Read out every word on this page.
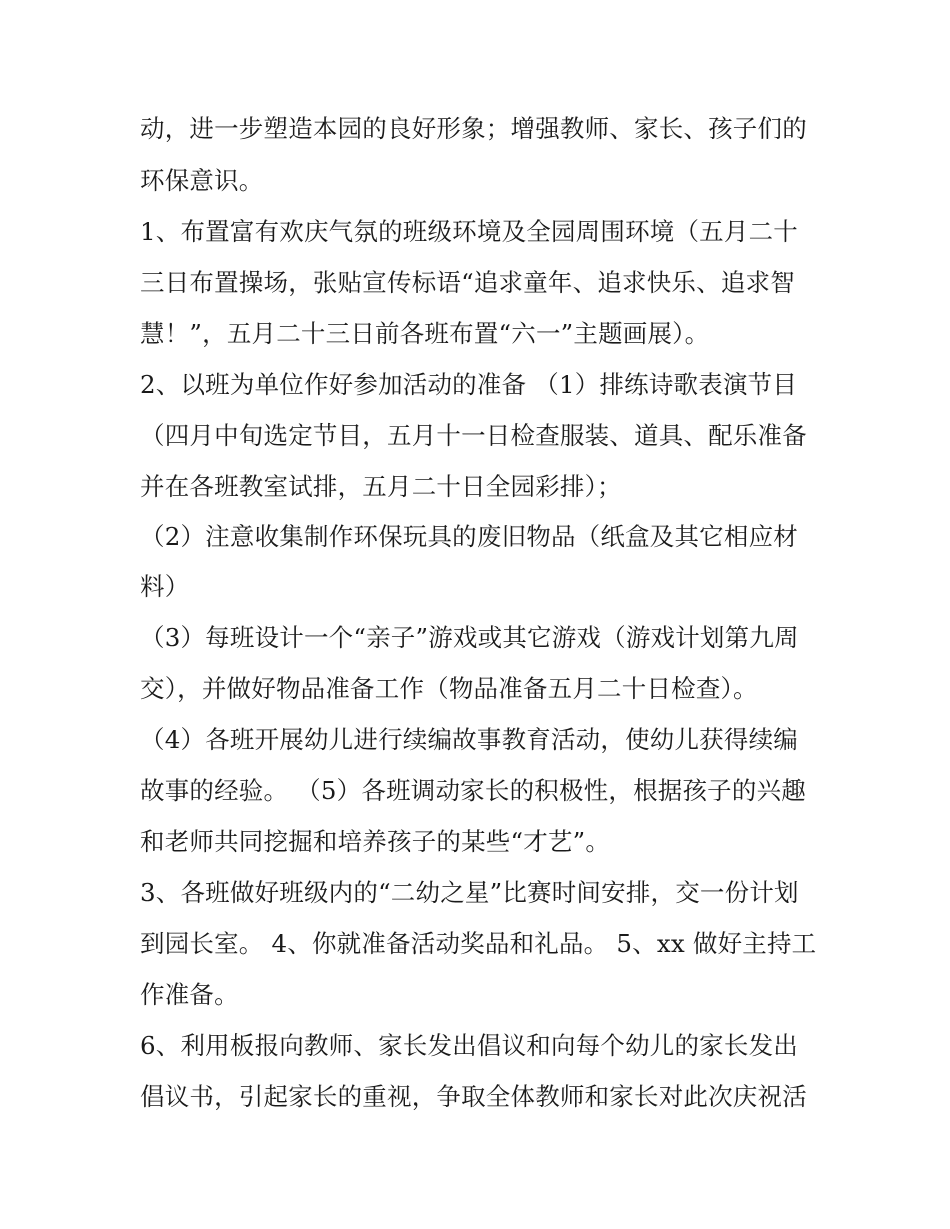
动，进一步塑造本园的良好形象；增强教师、家长、孩子们的
环保意识。
1、布置富有欢庆气氛的班级环境及全园周围环境（五月二十
三日布置操场，张贴宣传标语“追求童年、追求快乐、追求智
慧！”，五月二十三日前各班布置“六一”主题画展）。
2、以班为单位作好参加活动的准备 （1）排练诗歌表演节目
（四月中旬选定节目，五月十一日检查服装、道具、配乐准备
并在各班教室试排，五月二十日全园彩排）；
（2）注意收集制作环保玩具的废旧物品（纸盒及其它相应材
料）
（3）每班设计一个“亲子”游戏或其它游戏（游戏计划第九周
交），并做好物品准备工作（物品准备五月二十日检查）。
（4）各班开展幼儿进行续编故事教育活动，使幼儿获得续编
故事的经验。 （5）各班调动家长的积极性，根据孩子的兴趣
和老师共同挖掘和培养孩子的某些“才艺”。
3、各班做好班级内的“二幼之星”比赛时间安排，交一份计划
到园长室。 4、你就准备活动奖品和礼品。 5、xx 做好主持工
作准备。
6、利用板报向教师、家长发出倡议和向每个幼儿的家长发出
倡议书，引起家长的重视，争取全体教师和家长对此次庆祝活
